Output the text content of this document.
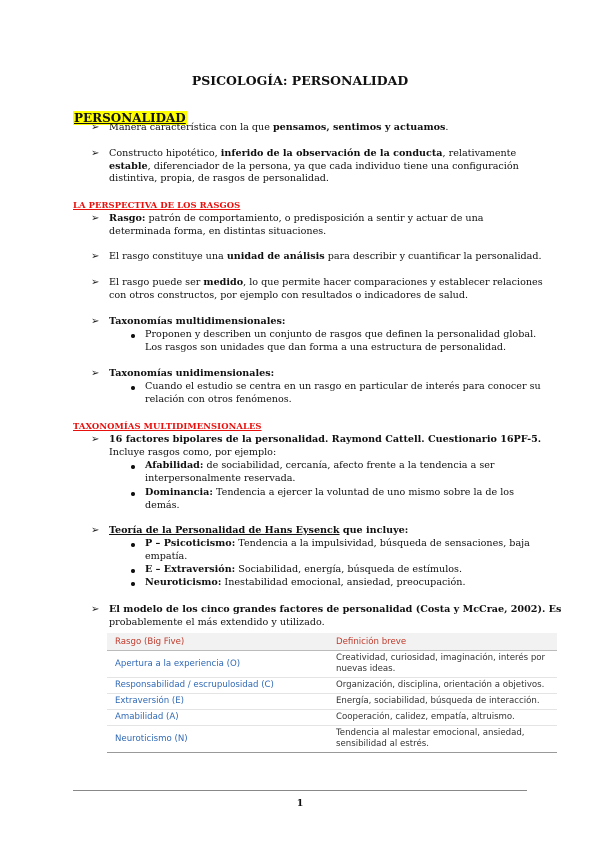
PSICOLOGÍA: PERSONALIDAD
PERSONALIDAD
➢ Manera característica con la que pensamos, sentimos y actuamos.
➢ Constructo hipotético, inferido de la observación de la conducta, relativamente
estable, diferenciador de la persona, ya que cada individuo tiene una configuración
distintiva, propia, de rasgos de personalidad.
LA PERSPECTIVA DE LOS RASGOS
➢ Rasgo: patrón de comportamiento, o predisposición a sentir y actuar de una
determinada forma, en distintas situaciones.
➢ El rasgo constituye una unidad de análisis para describir y cuantificar la personalidad.
➢ El rasgo puede ser medido, lo que permite hacer comparaciones y establecer relaciones
con otros constructos, por ejemplo con resultados o indicadores de salud.
➢ Taxonomías multidimensionales:
Proponen y describen un conjunto de rasgos que definen la personalidad global.
Los rasgos son unidades que dan forma a una estructura de personalidad.
➢ Taxonomías unidimensionales:
Cuando el estudio se centra en un rasgo en particular de interés para conocer su
relación con otros fenómenos.
TAXONOMÍAS MULTIDIMENSIONALES
➢ 16 factores bipolares de la personalidad. Raymond Cattell. Cuestionario 16PF-5.
Incluye rasgos como, por ejemplo:
Afabilidad: de sociabilidad, cercanía, afecto frente a la tendencia a ser
interpersonalmente reservada.
Dominancia: Tendencia a ejercer la voluntad de uno mismo sobre la de los
demás.
➢ Teoría de la Personalidad de Hans Eysenck que incluye:
P – Psicoticismo: Tendencia a la impulsividad, búsqueda de sensaciones, baja
empatía.
E – Extraversión: Sociabilidad, energía, búsqueda de estímulos.
Neuroticismo: Inestabilidad emocional, ansiedad, preocupación.
➢ El modelo de los cinco grandes factores de personalidad (Costa y McCrae, 2002). Es
probablemente el más extendido y utilizado.
Rasgo (Big Five)	Definición breve
Apertura a la experiencia (O)	Creatividad, curiosidad, imaginación, interés por nuevas ideas.
Responsabilidad / escrupulosidad (C)	Organización, disciplina, orientación a objetivos.
Extraversión (E)	Energía, sociabilidad, búsqueda de interacción.
Amabilidad (A)	Cooperación, calidez, empatía, altruismo.
Neuroticismo (N)	Tendencia al malestar emocional, ansiedad, sensibilidad al estrés.
1
